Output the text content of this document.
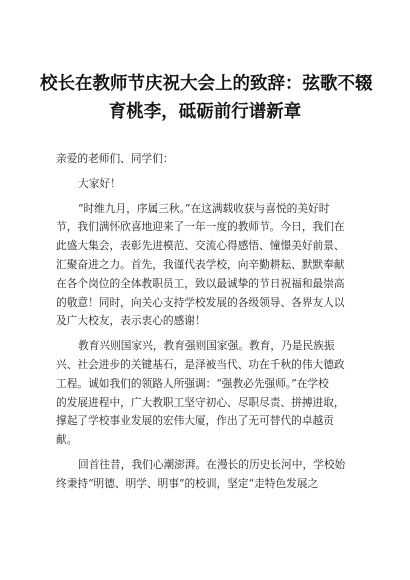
校长在教师节庆祝大会上的致辞：弦歌不辍
育桃李，砥砺前行谱新章
亲爱的老师们、同学们：
大家好！
“时维九月，序属三秋。”在这满载收获与喜悦的美好时
节，我们满怀欣喜地迎来了一年一度的教师节。今日，我们在
此盛大集会，表彰先进模范、交流心得感悟、憧憬美好前景、
汇聚奋进之力。首先，我谨代表学校，向辛勤耕耘、默默奉献
在各个岗位的全体教职员工，致以最诚挚的节日祝福和最崇高
的敬意！同时，向关心支持学校发展的各级领导、各界友人以
及广大校友，表示衷心的感谢！
教育兴则国家兴，教育强则国家强。教育，乃是民族振
兴、社会进步的关键基石，是泽被当代、功在千秋的伟大德政
工程。诚如我们的领路人所强调：“强教必先强师。”在学校
的发展进程中，广大教职工坚守初心、尽职尽责、拼搏进取，
撑起了学校事业发展的宏伟大厦，作出了无可替代的卓越贡
献。
回首往昔，我们心潮澎湃。在漫长的历史长河中，学校始
终秉持“明德、明学、明事”的校训，坚定“走特色发展之
